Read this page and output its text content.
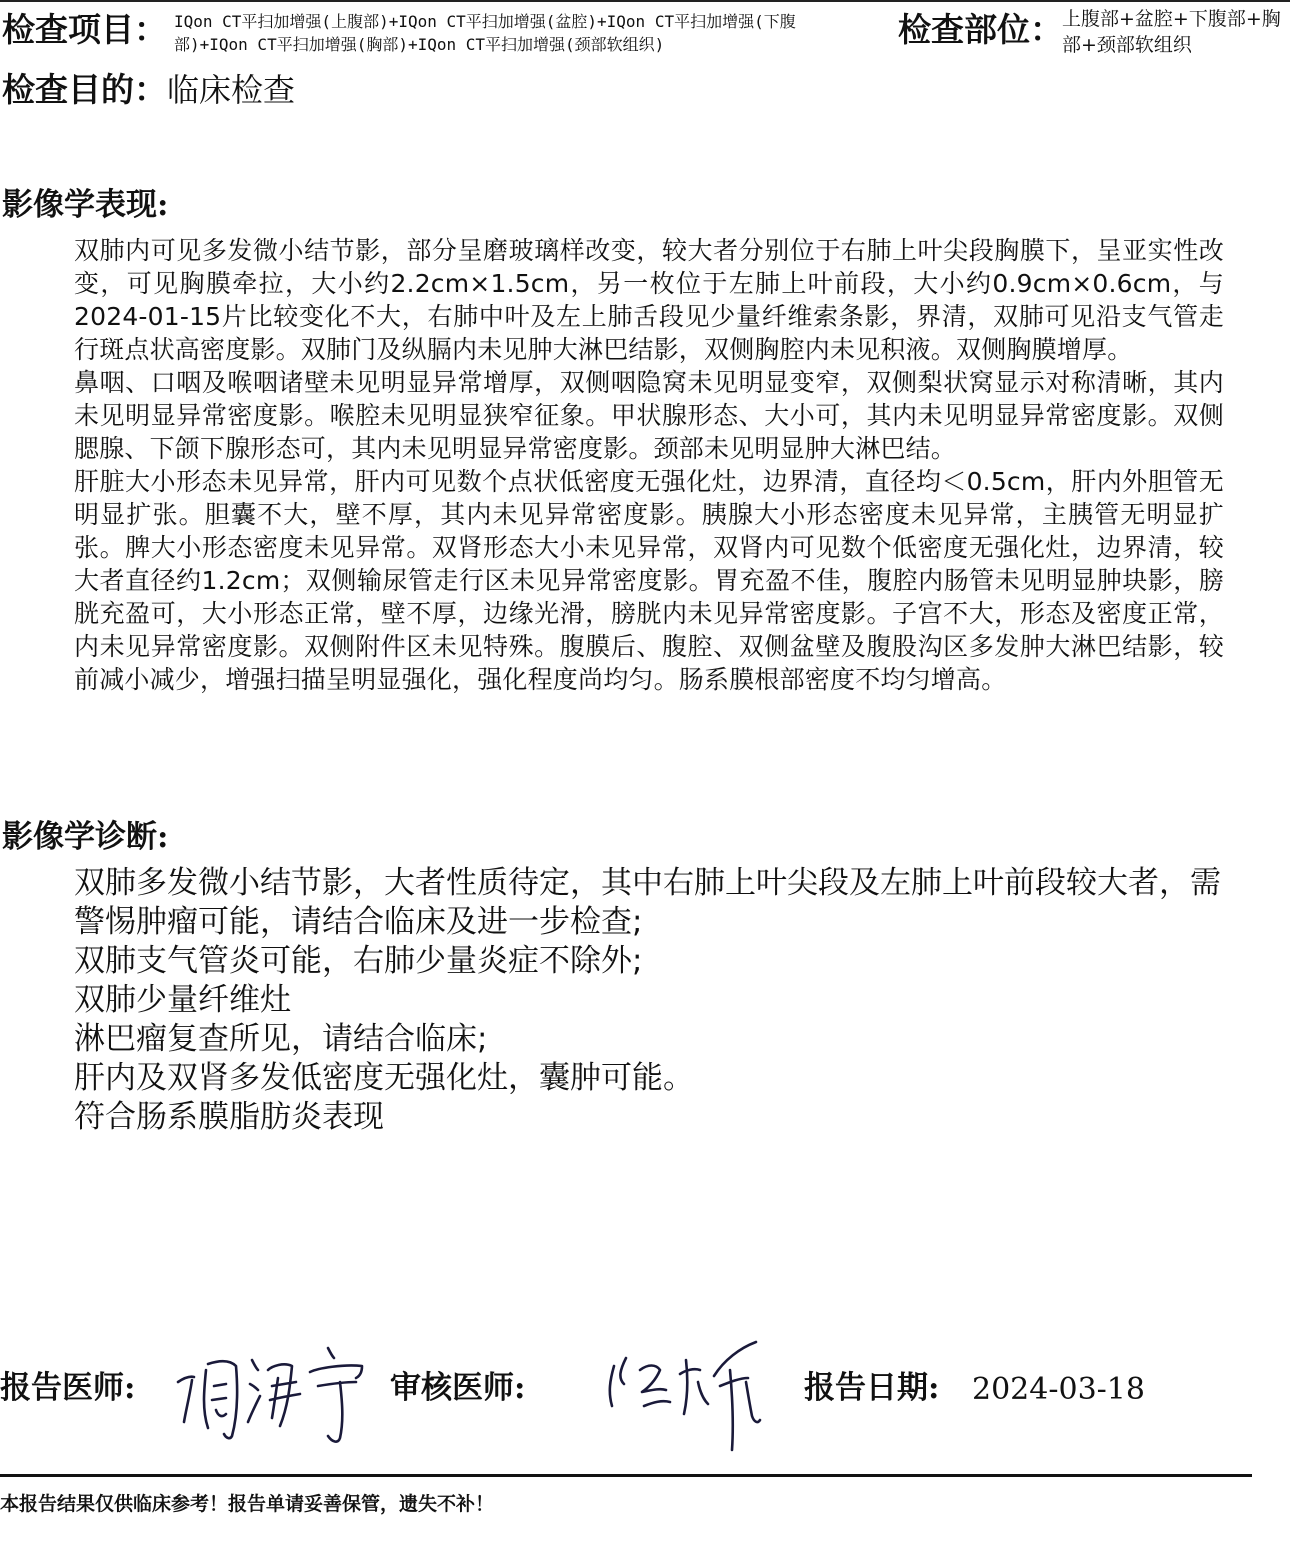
检查项目： IQon CT平扫加增强(上腹部)+IQon CT平扫加增强(盆腔)+IQon CT平扫加增强(下腹部)+IQon CT平扫加增强(胸部)+IQon CT平扫加增强(颈部软组织)	检查部位： 上腹部+盆腔+下腹部+胸部+颈部软组织
检查目的：临床检查
影像学表现:

双肺内可见多发微小结节影，部分呈磨玻璃样改变，较大者分别位于右肺上叶尖段胸膜下，呈亚实性改变，可见胸膜牵拉，大小约2.2cm×1.5cm，另一枚位于左肺上叶前段，大小约0.9cm×0.6cm，与2024-01-15片比较变化不大，右肺中叶及左上肺舌段见少量纤维索条影，界清，双肺可见沿支气管走行斑点状高密度影。双肺门及纵膈内未见肿大淋巴结影，双侧胸腔内未见积液。双侧胸膜增厚。

鼻咽、口咽及喉咽诸壁未见明显异常增厚，双侧咽隐窝未见明显变窄，双侧梨状窝显示对称清晰，其内未见明显异常密度影。喉腔未见明显狭窄征象。甲状腺形态、大小可，其内未见明显异常密度影。双侧腮腺、下颌下腺形态可，其内未见明显异常密度影。颈部未见明显肿大淋巴结。

肝脏大小形态未见异常，肝内可见数个点状低密度无强化灶，边界清，直径均＜0.5cm，肝内外胆管无明显扩张。胆囊不大，壁不厚，其内未见异常密度影。胰腺大小形态密度未见异常，主胰管无明显扩张。脾大小形态密度未见异常。双肾形态大小未见异常，双肾内可见数个低密度无强化灶，边界清，较大者直径约1.2cm；双侧输尿管走行区未见异常密度影。胃充盈不佳，腹腔内肠管未见明显肿块影，膀胱充盈可，大小形态正常，壁不厚，边缘光滑，膀胱内未见异常密度影。子宫不大，形态及密度正常，内未见异常密度影。双侧附件区未见特殊。腹膜后、腹腔、双侧盆壁及腹股沟区多发肿大淋巴结影，较前减小减少，增强扫描呈明显强化，强化程度尚均匀。肠系膜根部密度不均匀增高。

影像学诊断:

双肺多发微小结节影，大者性质待定，其中右肺上叶尖段及左肺上叶前段较大者，需警惕肿瘤可能，请结合临床及进一步检查;

双肺支气管炎可能，右肺少量炎症不除外;

双肺少量纤维灶

淋巴瘤复查所见，请结合临床;

肝内及双肾多发低密度无强化灶，囊肿可能。

符合肠系膜脂肪炎表现

报告医师:	审核医师:	报告日期: 2024-03-18
本报告结果仅供临床参考！报告单请妥善保管，遗失不补！
